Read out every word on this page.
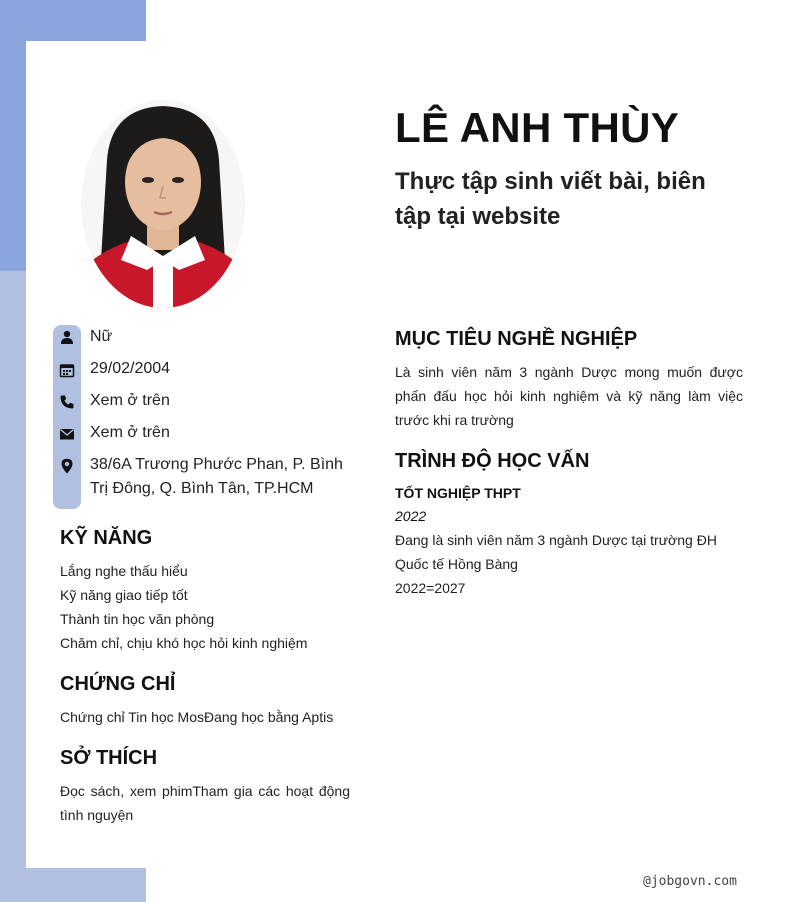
LÊ ANH THÙY
Thực tập sinh viết bài, biên tập tại website
Nữ
29/02/2004
Xem ở trên
Xem ở trên
38/6A Trương Phước Phan, P. Bình Trị Đông, Q. Bình Tân, TP.HCM
KỸ NĂNG
Lắng nghe thấu hiểu
Kỹ năng giao tiếp tốt
Thành tin học văn phòng
Chăm chỉ, chịu khó học hỏi kinh nghiệm
CHỨNG CHỈ
Chứng chỉ Tin học MosĐang học bằng Aptis
SỞ THÍCH
Đọc sách, xem phimTham gia các hoạt động tình nguyện
MỤC TIÊU NGHỀ NGHIỆP
Là sinh viên năm 3 ngành Dược mong muốn được phấn đấu học hỏi kinh nghiệm và kỹ năng làm việc trước khi ra trường
TRÌNH ĐỘ HỌC VẤN
TỐT NGHIỆP THPT
2022
Đang là sinh viên năm 3 ngành Dược tại trường ĐH Quốc tế Hồng Bàng
2022=2027
@jobgovn.com
